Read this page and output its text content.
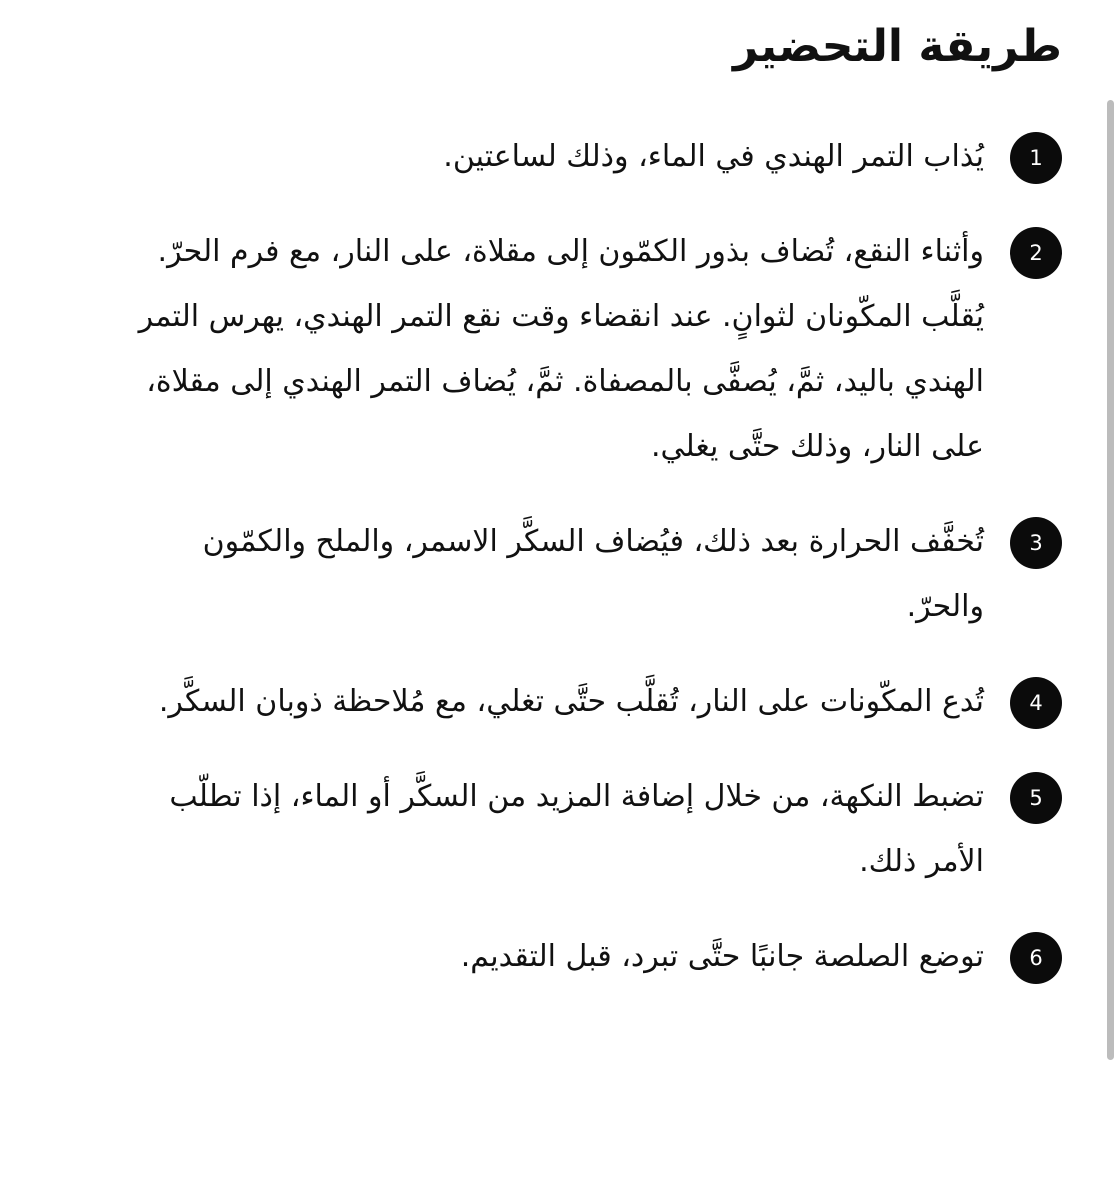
طريقة التحضير
1
يُذاب التمر الهندي في الماء، وذلك لساعتين.
2
وأثناء النقع، تُضاف بذور الكمّون إلى مقلاة، على النار، مع فرم الحرّ. يُقلَّب المكّونان لثوانٍ. عند انقضاء وقت نقع التمر الهندي، يهرس التمر الهندي باليد، ثمَّ، يُصفَّى بالمصفاة. ثمَّ، يُضاف التمر الهندي إلى مقلاة، على النار، وذلك حتَّى يغلي.
3
تُخفَّف الحرارة بعد ذلك، فيُضاف السكَّر الاسمر، والملح والكمّون والحرّ.
4
تُدع المكّونات على النار، تُقلَّب حتَّى تغلي، مع مُلاحظة ذوبان السكَّر.
5
تضبط النكهة، من خلال إضافة المزيد من السكَّر أو الماء، إذا تطلّب الأمر ذلك.
6
توضع الصلصة جانبًا حتَّى تبرد، قبل التقديم.
